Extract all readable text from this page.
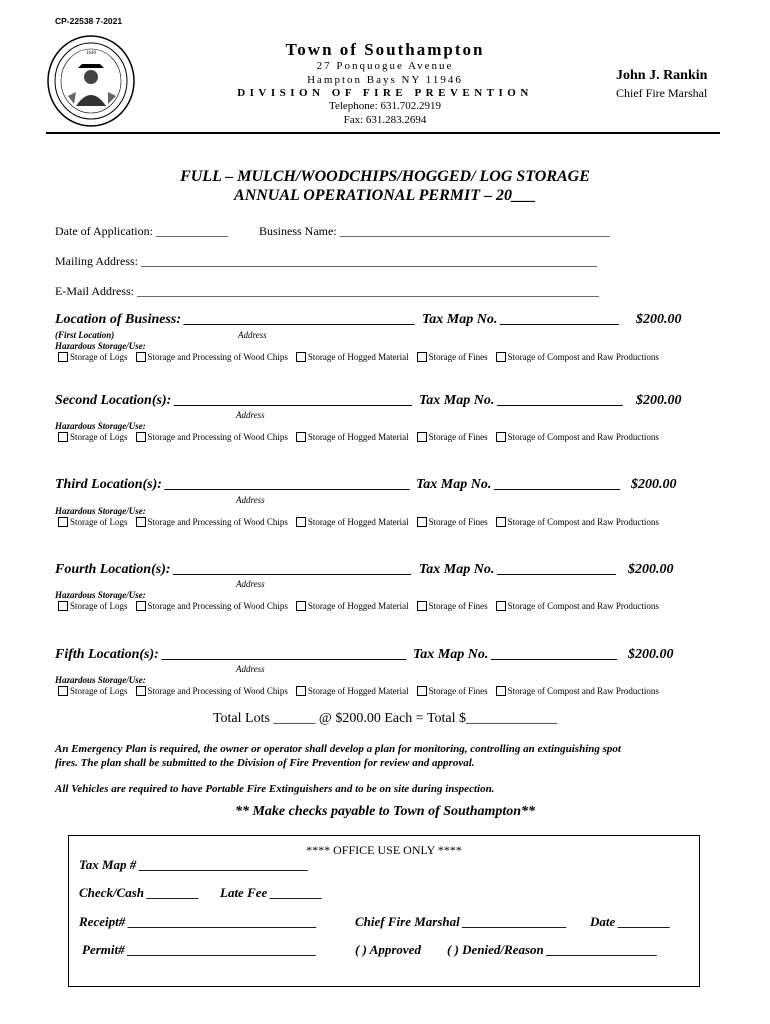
CP-22538 7-2021
1640	Town of Southampton
27 Ponquogue Avenue
Hampton Bays NY 11946
DIVISION OF FIRE PREVENTION
Telephone: 631.702.2919
Fax: 631.283.2694
John J. Rankin
Chief Fire Marshal
FULL – MULCH/WOODCHIPS/HOGGED/ LOG STORAGE
ANNUAL OPERATIONAL PERMIT – 20___
Date of Application: ____________	Business Name: _____________________________________________
Mailing Address: ____________________________________________________________________________
E-Mail Address: _____________________________________________________________________________
Location of Business: _________________________________ Tax Map No. _________________ $200.00
(First Location)	Address
Hazardous Storage/Use:
Storage of Logs Storage and Processing of Wood Chips Storage of Hogged Material Storage of Fines Storage of Compost and Raw Productions
Second Location(s): __________________________________ Tax Map No. __________________ $200.00
Address
Hazardous Storage/Use:
Storage of Logs Storage and Processing of Wood Chips Storage of Hogged Material Storage of Fines Storage of Compost and Raw Productions
Third Location(s): ___________________________________ Tax Map No. __________________ $200.00
Address
Hazardous Storage/Use:
Storage of Logs Storage and Processing of Wood Chips Storage of Hogged Material Storage of Fines Storage of Compost and Raw Productions
Fourth Location(s): __________________________________ Tax Map No. _________________ $200.00
Address
Hazardous Storage/Use:
Storage of Logs Storage and Processing of Wood Chips Storage of Hogged Material Storage of Fines Storage of Compost and Raw Productions
Fifth Location(s): ___________________________________ Tax Map No. __________________ $200.00
Address
Hazardous Storage/Use:
Storage of Logs Storage and Processing of Wood Chips Storage of Hogged Material Storage of Fines Storage of Compost and Raw Productions
Total Lots ______ @ $200.00 Each = Total $_____________
An Emergency Plan is required, the owner or operator shall develop a plan for monitoring, controlling an extinguishing spot
fires. The plan shall be submitted to the Division of Fire Prevention for review and approval.
All Vehicles are required to have Portable Fire Extinguishers and to be on site during inspection.
** Make checks payable to Town of Southampton**
**** OFFICE USE ONLY ****
Tax Map # __________________________
Check/Cash ________ Late Fee ________
Receipt# _____________________________	Chief Fire Marshal ________________ Date ________
Permit# _____________________________	( ) Approved ( ) Denied/Reason _________________
